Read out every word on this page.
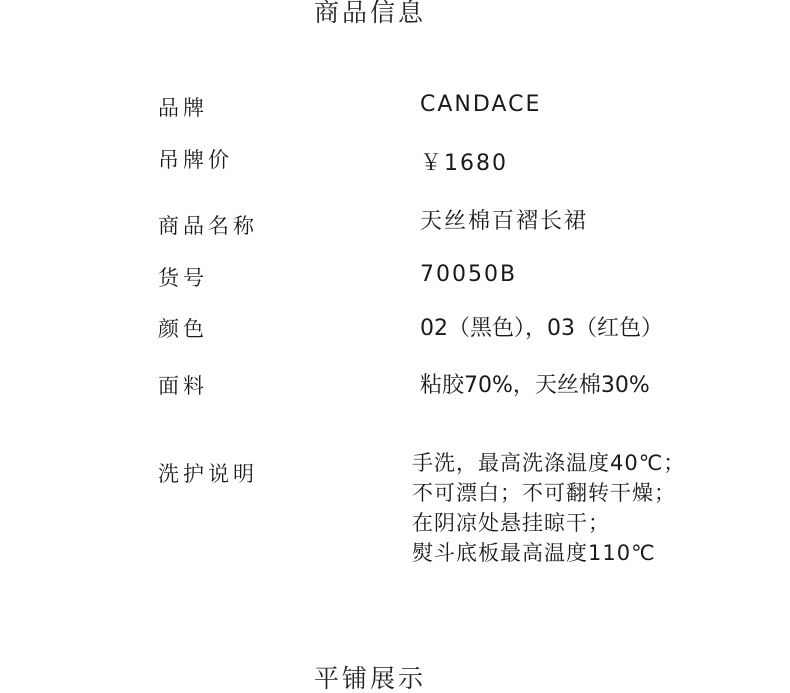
商品信息
品牌	CANDACE
吊牌价	￥1680
商品名称	天丝棉百褶长裙
货号	70050B
颜色	02（黑色），03（红色）
面料	粘胶70%，天丝棉30%
洗护说明	手洗，最高洗涤温度40℃；
不可漂白；不可翻转干燥；
在阴凉处悬挂晾干；
熨斗底板最高温度110℃
平铺展示
